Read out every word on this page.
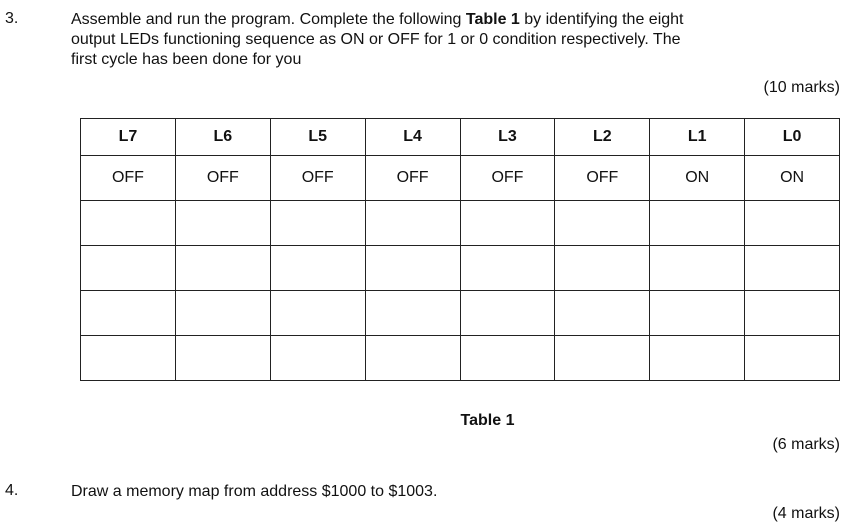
3.	Assemble and run the program. Complete the following Table 1 by identifying the eight
output LEDs functioning sequence as ON or OFF for 1 or 0 condition respectively. The
first cycle has been done for you
(10 marks)
L7	L6	L5	L4	L3	L2	L1	L0
OFF	OFF	OFF	OFF	OFF	OFF	ON	ON

Table 1
(6 marks)
4.	Draw a memory map from address $1000 to $1003.
(4 marks)
